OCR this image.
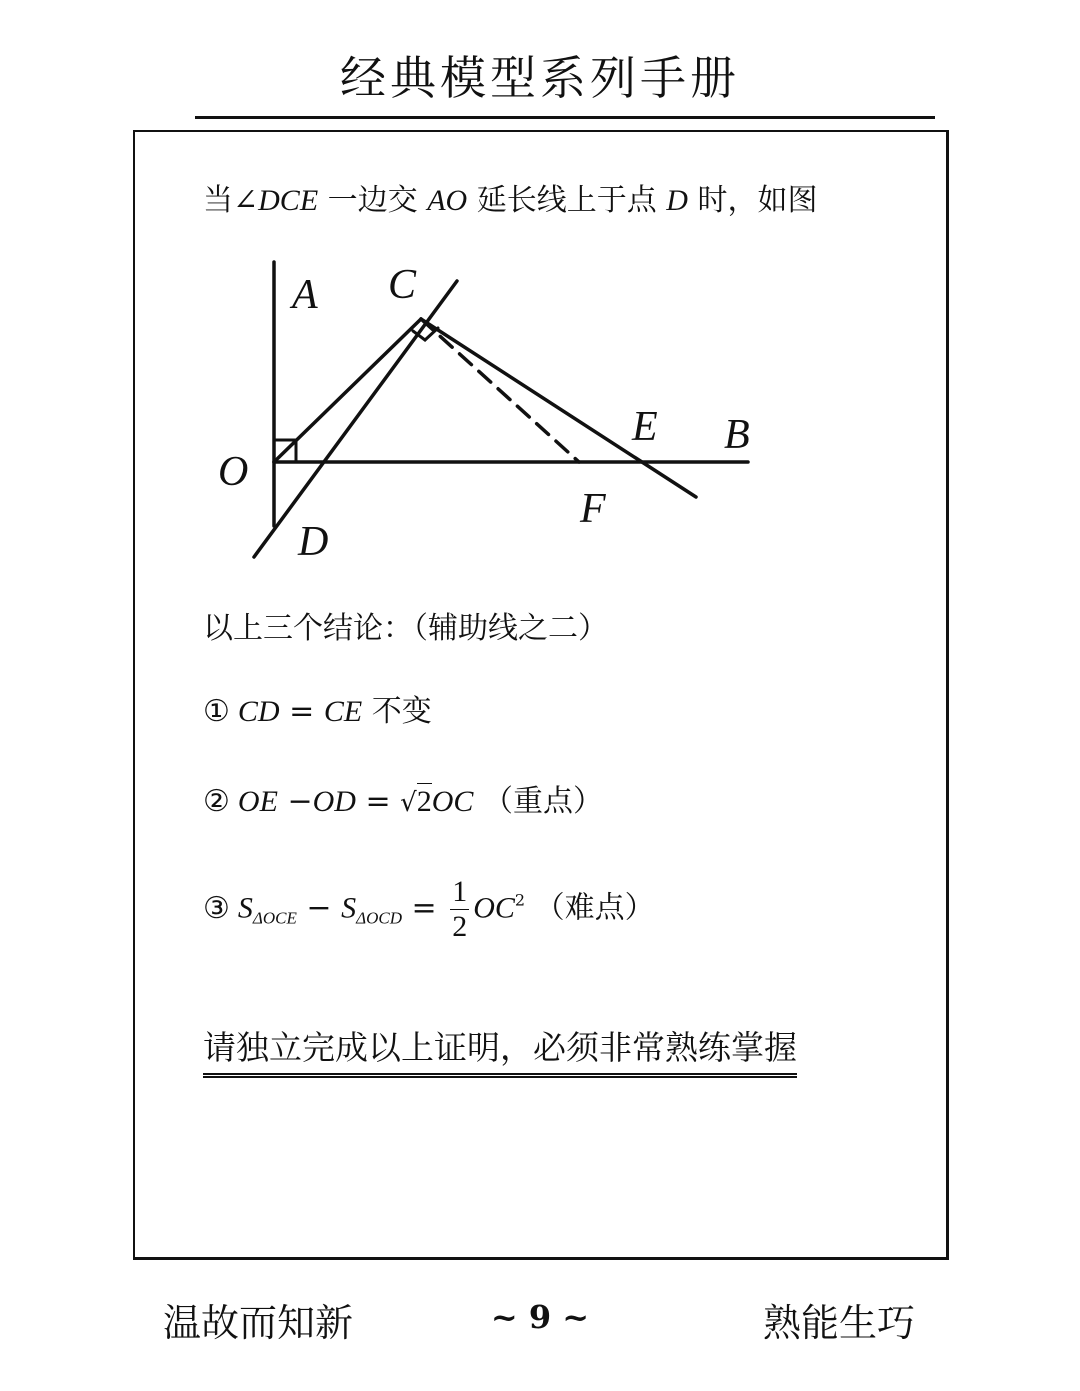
经典模型系列手册
当∠DCE 一边交 AO 延长线上于点 D 时，如图
A C
E B
O
F
D
以上三个结论：（辅助线之二）
① CD = CE 不变
② OE −OD = √2OC （重点）
③ $S_{\Delta OCE} - S_{\Delta OCD} = \frac{1}{2} OC^2$ （难点）
请独立完成以上证明，必须非常熟练掌握
温故而知新	~ 9 ~	熟能生巧
